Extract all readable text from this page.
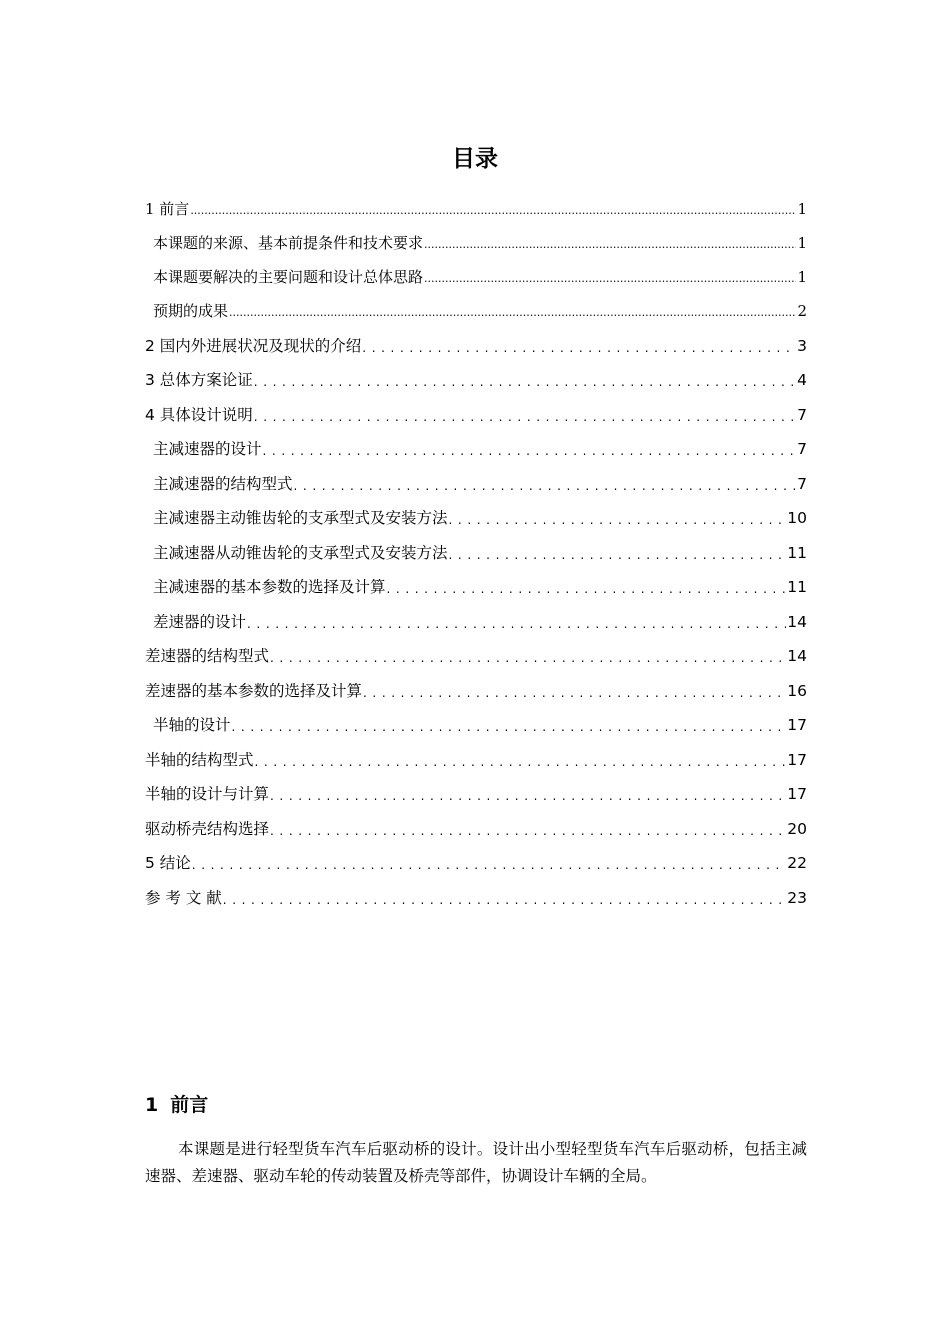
目录
1 前言 .....	1
本课题的来源、基本前提条件和技术要求 .....	1
本课题要解决的主要问题和设计总体思路 .....	1
预期的成果 .....	2
2 国内外进展状况及现状的介绍 .....	3
3 总体方案论证 .....	4
4 具体设计说明 .....	7
主减速器的设计 .....	7
主减速器的结构型式 .....	7
主减速器主动锥齿轮的支承型式及安装方法 .....	10
主减速器从动锥齿轮的支承型式及安装方法 .....	11
主减速器的基本参数的选择及计算 .....	11
差速器的设计 .....	14
差速器的结构型式 .....	14
差速器的基本参数的选择及计算 .....	16
半轴的设计 .....	17
半轴的结构型式 .....	17
半轴的设计与计算 .....	17
驱动桥壳结构选择 .....	20
5 结论 .....	22
参 考 文 献 .....	23
1 前言
本课题是进行轻型货车汽车后驱动桥的设计。设计出小型轻型货车汽车后驱动桥，包括主减速器、差速器、驱动车轮的传动装置及桥壳等部件，协调设计车辆的全局。
